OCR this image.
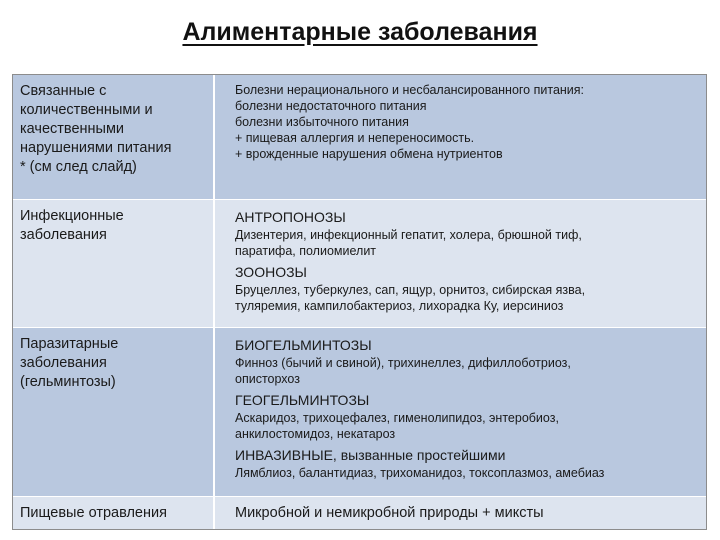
Алиментарные заболевания
Связанные с
количественными и
качественными
нарушениями питания
* (см след слайд)
Болезни нерационального и несбалансированного питания:
болезни недостаточного питания
болезни избыточного питания
+ пищевая аллергия и непереносимость.
+ врожденные нарушения обмена нутриентов
Инфекционные
заболевания
АНТРОПОНОЗЫ
Дизентерия, инфекционный гепатит, холера, брюшной тиф,
паратифа, полиомиелит
ЗООНОЗЫ
Бруцеллез, туберкулез, сап, ящур, орнитоз, сибирская язва,
туляремия, кампилобактериоз, лихорадка Ку, иерсиниоз
Паразитарные
заболевания
(гельминтозы)
БИОГЕЛЬМИНТОЗЫ
Финноз (бычий и свиной), трихинеллез, дифиллоботриоз,
описторхоз
ГЕОГЕЛЬМИНТОЗЫ
Аскаридоз, трихоцефалез, гименолипидоз, энтеробиоз,
анкилостомидоз, некатароз
ИНВАЗИВНЫЕ, вызванные простейшими
Лямблиоз, балантидиаз, трихоманидоз, токсоплазмоз, амебиаз
Пищевые отравления	Микробной и немикробной природы + миксты
